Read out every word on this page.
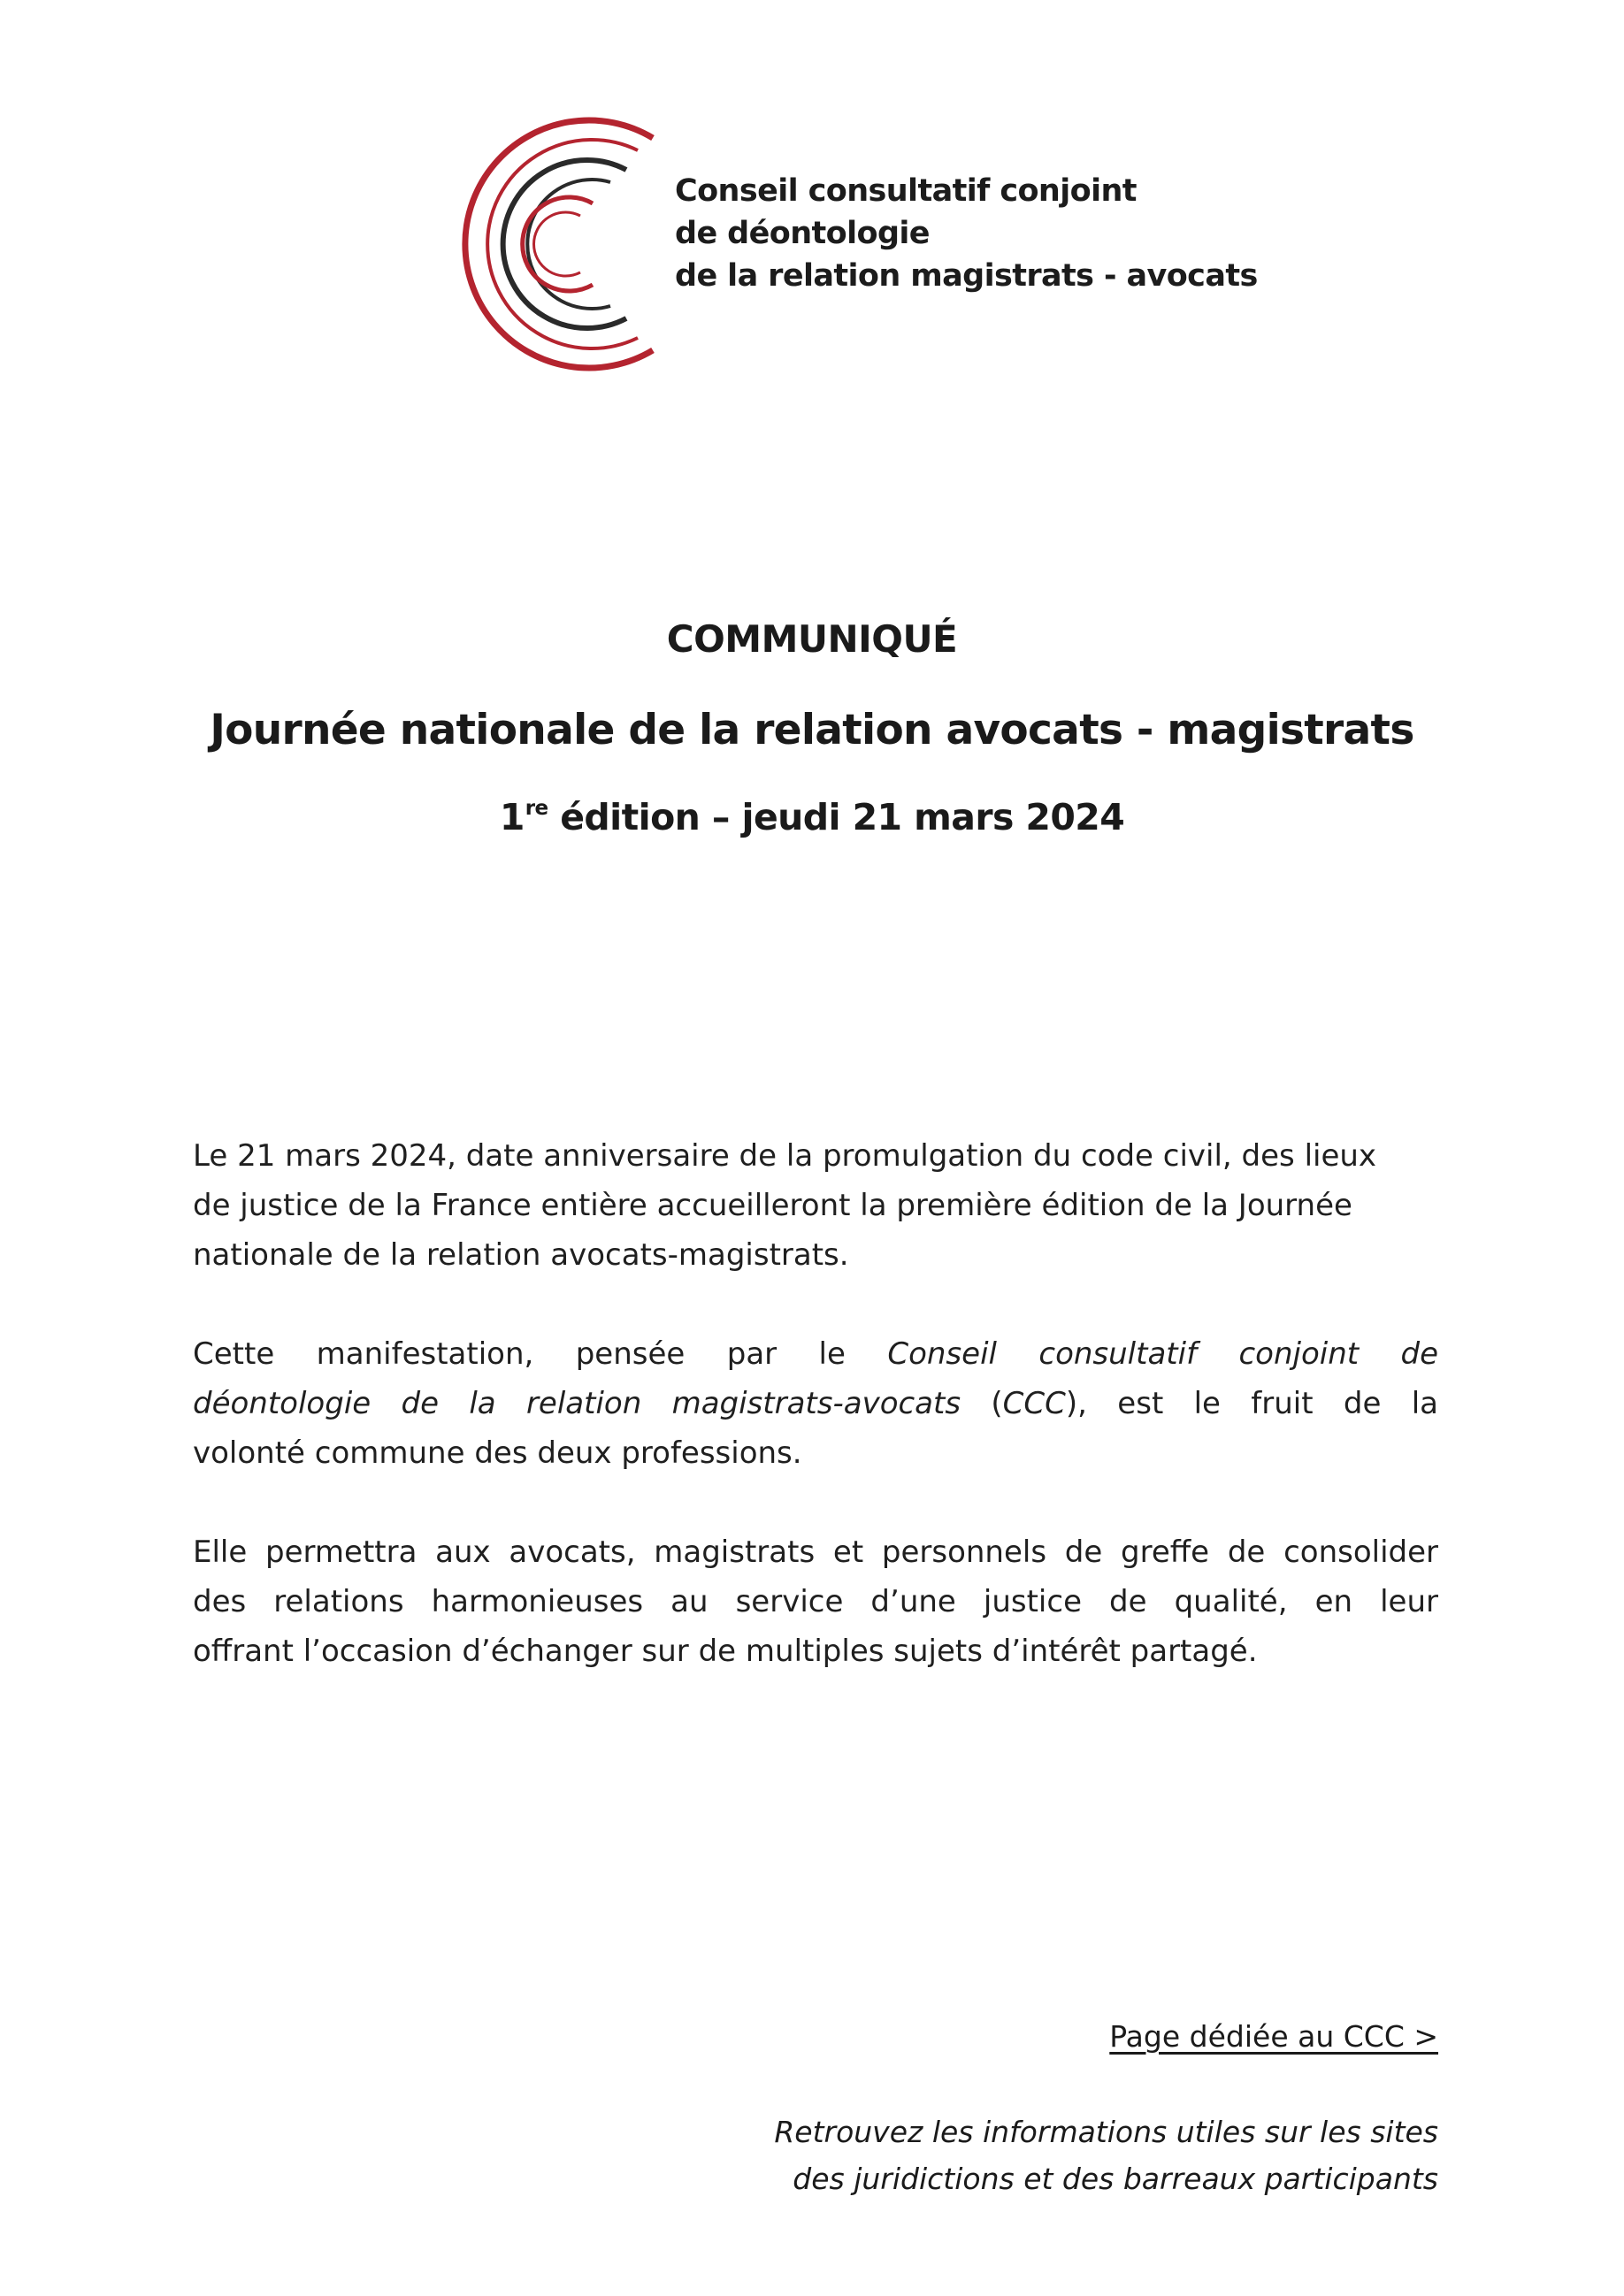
Conseil consultatif conjoint
de déontologie
de la relation magistrats - avocats
COMMUNIQUÉ
Journée nationale de la relation avocats - magistrats
1re édition – jeudi 21 mars 2024
Le 21 mars 2024, date anniversaire de la promulgation du code civil, des lieux
de justice de la France entière accueilleront la première édition de la Journée
nationale de la relation avocats-magistrats.
Cette manifestation, pensée par le Conseil consultatif conjoint de
déontologie de la relation magistrats-avocats (CCC), est le fruit de la
volonté commune des deux professions.
Elle permettra aux avocats, magistrats et personnels de greffe de consolider
des relations harmonieuses au service d’une justice de qualité, en leur
offrant l’occasion d’échanger sur de multiples sujets d’intérêt partagé.
Page dédiée au CCC >
Retrouvez les informations utiles sur les sites
des juridictions et des barreaux participants
